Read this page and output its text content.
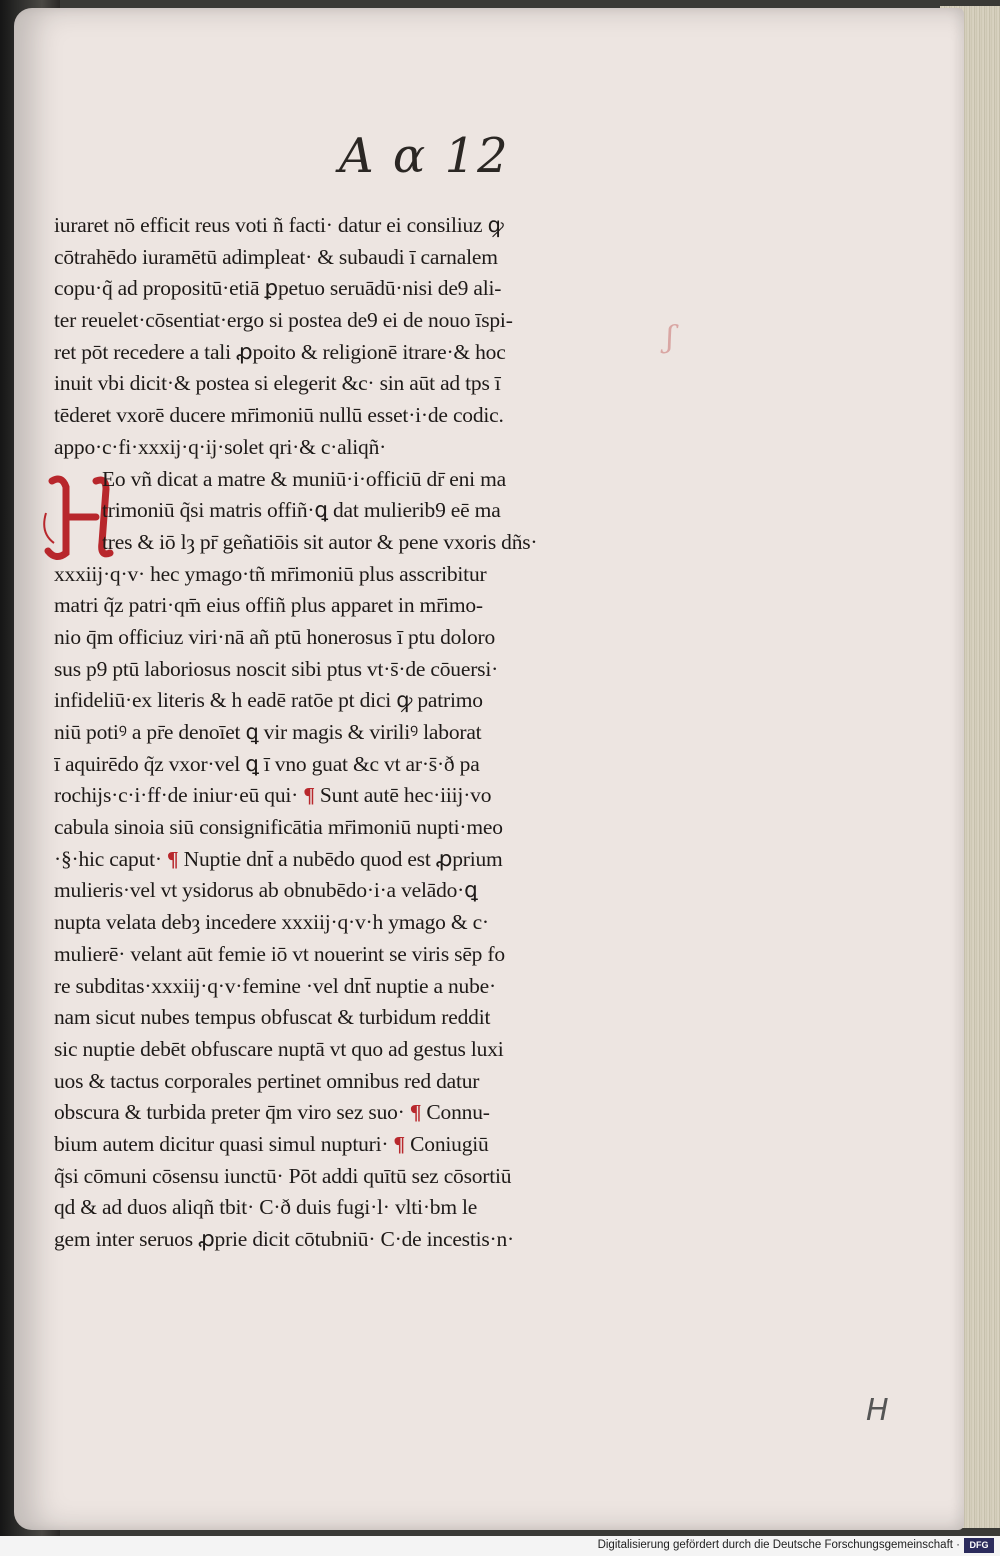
A α 12
ʃ
H
iuraret nō efficit reus voti ñ facti· datur ei consiliuz ꝙ
cōtrahēdo iuramētū adimpleat· & subaudi ī carnalem
copu·q̃ ad propositū·etiā ꝑpetuo seruādū·nisi de9 ali-
ter reuelet·cōsentiat·ergo si postea de9 ei de nouo īspi-
ret pōt recedere a tali ꝓpoito & religionē itrare·& hoc
inuit vbi dicit·& postea si elegerit &c· sin aūt ad tps ī
tēderet vxorē ducere mr̄imoniū nullū esset·i·de codic.
appo·c·fi·xxxij·q·ij·solet qri·& c·aliqñ·
Eo vñ dicat a matre & muniū·i·officiū dr̄ eni ma
trimoniū q̃si matris offiñ·ꝗ dat mulierib9 eē ma
tres & iō lȝ pr̄ geñatiōis sit autor & pene vxoris dñs·
xxxiij·q·v· hec ymago·tñ mr̄imoniū plus asscribitur
matri q̃z patri·qm̄ eius offiñ plus apparet in mr̄imo-
nio q̄m officiuz viri·nā añ ptū honerosus ī ptu doloro
sus p9 ptū laboriosus noscit sibi ptus vt·s̄·de cōuersi·
infideliū·ex literis & h eadē ratōe pt dici ꝙ patrimo
niū potiꝰ a pr̄e denoīet ꝗ vir magis & viriliꝰ laborat
ī aquirēdo q̃z vxor·vel ꝗ ī vno guat &c vt ar·s̄·ð pa
rochijs·c·i·ff·de iniur·eū qui· ¶ Sunt autē hec·iiij·vo
cabula sinoia siū consignificātia mr̄imoniū nupti·meo
·§·hic caput· ¶ Nuptie dnt̄ a nubēdo quod est ꝓprium
mulieris·vel vt ysidorus ab obnubēdo·i·a velādo·ꝗ
nupta velata debȝ incedere xxxiij·q·v·h ymago & c·
mulierē· velant aūt femie iō vt nouerint se viris sēp fo
re subditas·xxxiij·q·v·femine ·vel dnt̄ nuptie a nube·
nam sicut nubes tempus obfuscat & turbidum reddit
sic nuptie debēt obfuscare nuptā vt quo ad gestus luxi
uos & tactus corporales pertinet omnibus red datur
obscura & turbida preter q̄m viro sez suo· ¶ Connu-
bium autem dicitur quasi simul nupturi· ¶ Coniugiū
q̃si cōmuni cōsensu iunctū· Pōt addi quītū sez cōsortiū
qd & ad duos aliqñ tbit· C·ð duis fugi·l· vlti·bm le
gem inter seruos ꝓprie dicit cōtubniū· C·de incestis·n·
Digitalisierung gefördert durch die Deutsche Forschungsgemeinschaft ·	DFG
